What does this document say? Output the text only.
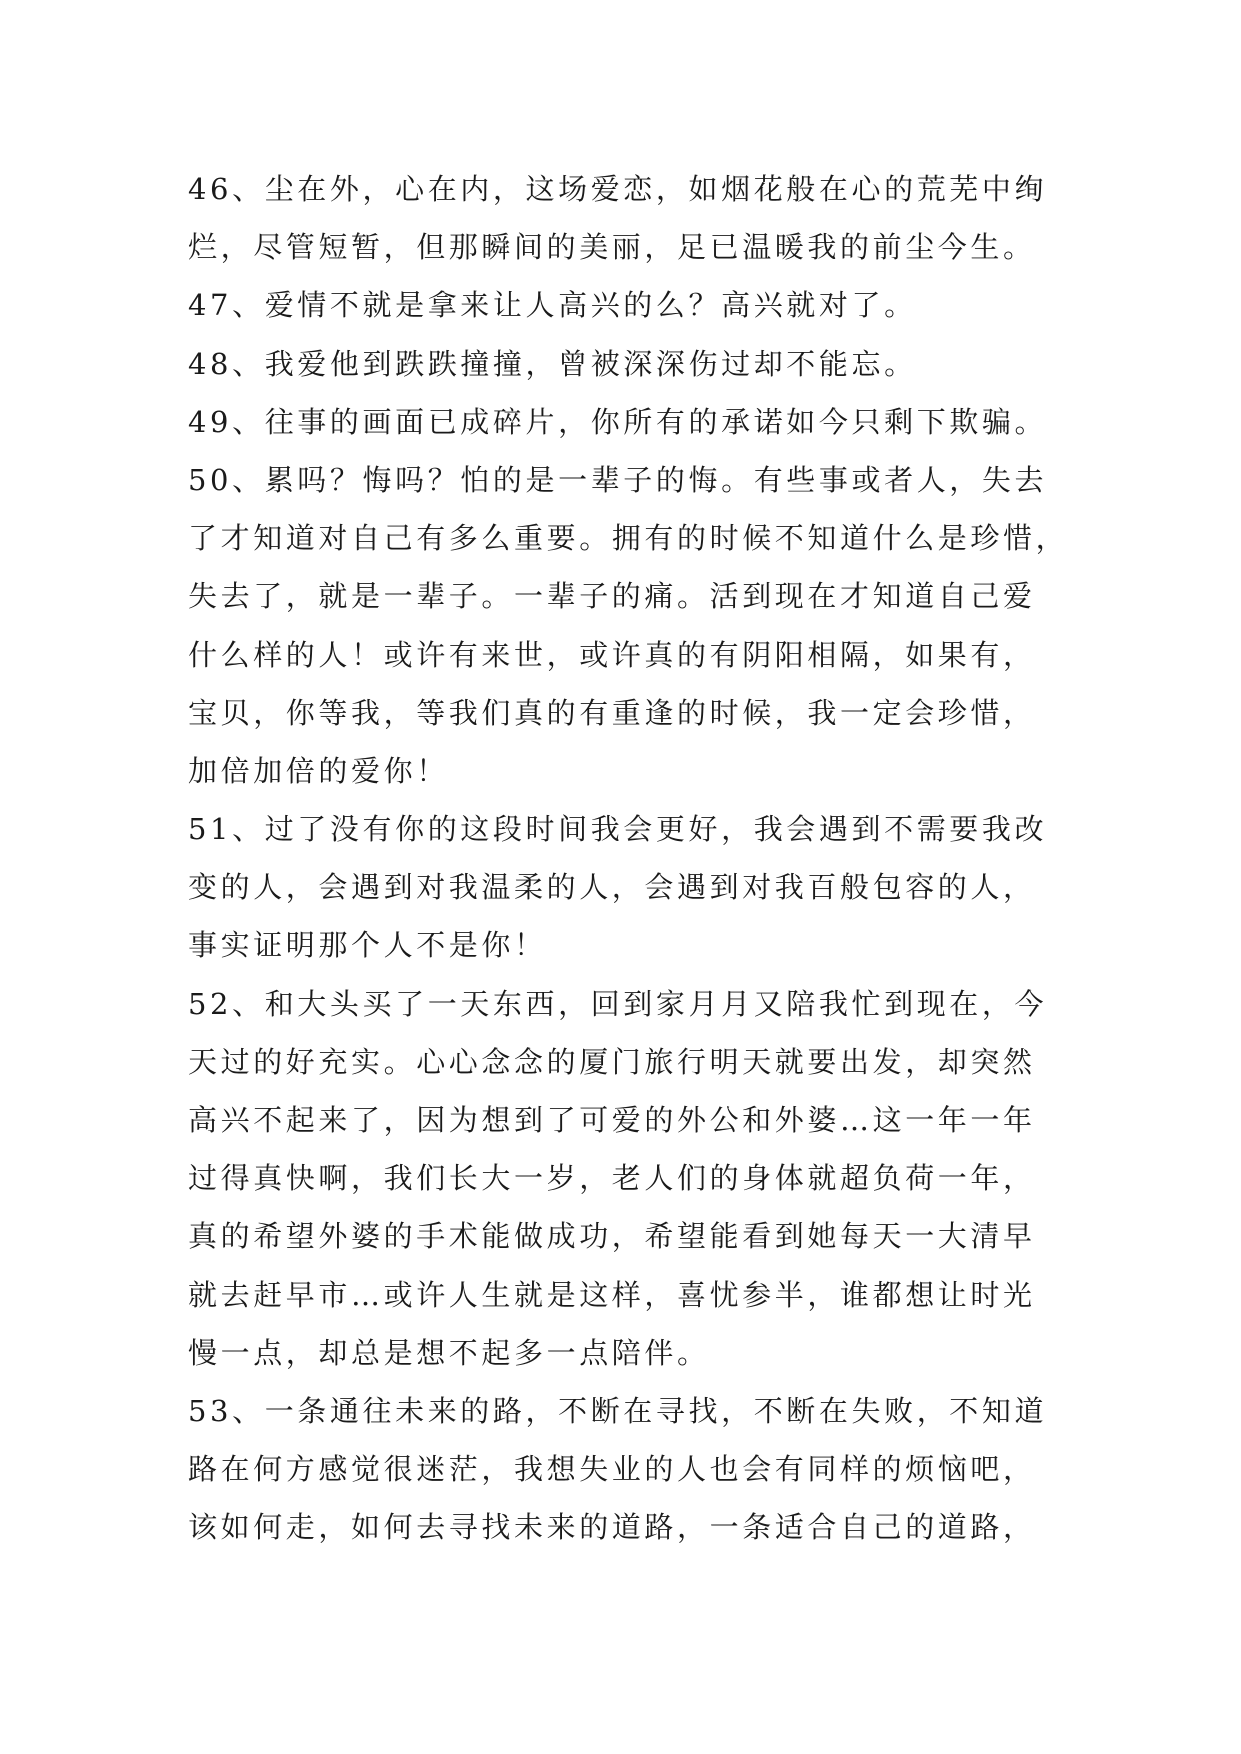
46、尘在外，心在内，这场爱恋，如烟花般在心的荒芜中绚
烂，尽管短暂，但那瞬间的美丽，足已温暖我的前尘今生。
47、爱情不就是拿来让人高兴的么？高兴就对了。
48、我爱他到跌跌撞撞，曾被深深伤过却不能忘。
49、往事的画面已成碎片，你所有的承诺如今只剩下欺骗。
50、累吗？悔吗？怕的是一辈子的悔。有些事或者人，失去
了才知道对自己有多么重要。拥有的时候不知道什么是珍惜，
失去了，就是一辈子。一辈子的痛。活到现在才知道自己爱
什么样的人！或许有来世，或许真的有阴阳相隔，如果有，
宝贝，你等我，等我们真的有重逢的时候，我一定会珍惜，
加倍加倍的爱你！
51、过了没有你的这段时间我会更好，我会遇到不需要我改
变的人，会遇到对我温柔的人，会遇到对我百般包容的人，
事实证明那个人不是你！
52、和大头买了一天东西，回到家月月又陪我忙到现在，今
天过的好充实。心心念念的厦门旅行明天就要出发，却突然
高兴不起来了，因为想到了可爱的外公和外婆…这一年一年
过得真快啊，我们长大一岁，老人们的身体就超负荷一年，
真的希望外婆的手术能做成功，希望能看到她每天一大清早
就去赶早市…或许人生就是这样，喜忧参半，谁都想让时光
慢一点，却总是想不起多一点陪伴。
53、一条通往未来的路，不断在寻找，不断在失败，不知道
路在何方感觉很迷茫，我想失业的人也会有同样的烦恼吧，
该如何走，如何去寻找未来的道路，一条适合自己的道路，
